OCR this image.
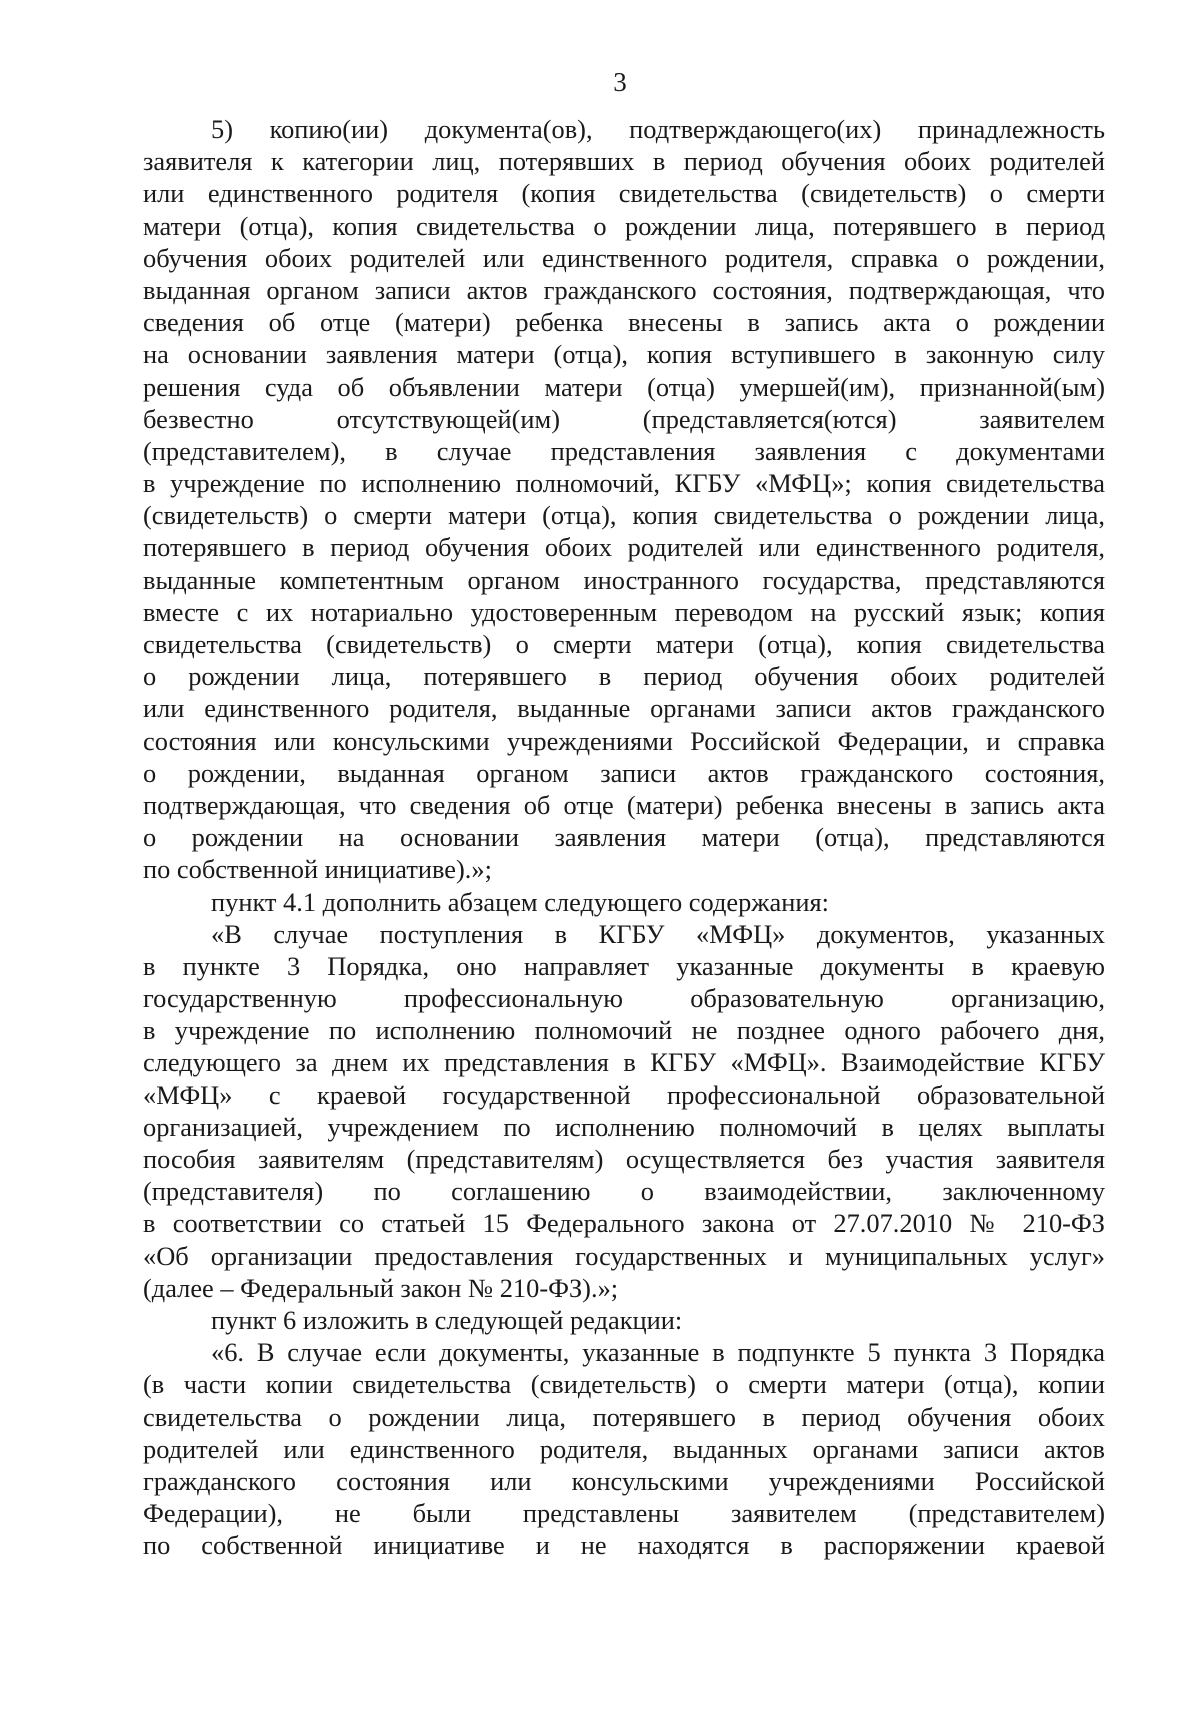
3
5) копию(ии) документа(ов), подтверждающего(их) принадлежность
заявителя к категории лиц, потерявших в период обучения обоих родителей
или единственного родителя (копия свидетельства (свидетельств) о смерти
матери (отца), копия свидетельства о рождении лица, потерявшего в период
обучения обоих родителей или единственного родителя, справка о рождении,
выданная органом записи актов гражданского состояния, подтверждающая, что
сведения об отце (матери) ребенка внесены в запись акта о рождении
на основании заявления матери (отца), копия вступившего в законную силу
решения суда об объявлении матери (отца) умершей(им), признанной(ым)
безвестно отсутствующей(им) (представляется(ются) заявителем
(представителем), в случае представления заявления с документами
в учреждение по исполнению полномочий, КГБУ «МФЦ»; копия свидетельства
(свидетельств) о смерти матери (отца), копия свидетельства о рождении лица,
потерявшего в период обучения обоих родителей или единственного родителя,
выданные компетентным органом иностранного государства, представляются
вместе с их нотариально удостоверенным переводом на русский язык; копия
свидетельства (свидетельств) о смерти матери (отца), копия свидетельства
о рождении лица, потерявшего в период обучения обоих родителей
или единственного родителя, выданные органами записи актов гражданского
состояния или консульскими учреждениями Российской Федерации, и справка
о рождении, выданная органом записи актов гражданского состояния,
подтверждающая, что сведения об отце (матери) ребенка внесены в запись акта
о рождении на основании заявления матери (отца), представляются
по собственной инициативе).»;
пункт 4.1 дополнить абзацем следующего содержания:
«В случае поступления в КГБУ «МФЦ» документов, указанных
в пункте 3 Порядка, оно направляет указанные документы в краевую
государственную профессиональную образовательную организацию,
в учреждение по исполнению полномочий не позднее одного рабочего дня,
следующего за днем их представления в КГБУ «МФЦ». Взаимодействие КГБУ
«МФЦ» с краевой государственной профессиональной образовательной
организацией, учреждением по исполнению полномочий в целях выплаты
пособия заявителям (представителям) осуществляется без участия заявителя
(представителя) по соглашению о взаимодействии, заключенному
в соответствии со статьей 15 Федерального закона от 27.07.2010 № 210-ФЗ
«Об организации предоставления государственных и муниципальных услуг»
(далее – Федеральный закон № 210-ФЗ).»;
пункт 6 изложить в следующей редакции:
«6. В случае если документы, указанные в подпункте 5 пункта 3 Порядка
(в части копии свидетельства (свидетельств) о смерти матери (отца), копии
свидетельства о рождении лица, потерявшего в период обучения обоих
родителей или единственного родителя, выданных органами записи актов
гражданского состояния или консульскими учреждениями Российской
Федерации), не были представлены заявителем (представителем)
по собственной инициативе и не находятся в распоряжении краевой
